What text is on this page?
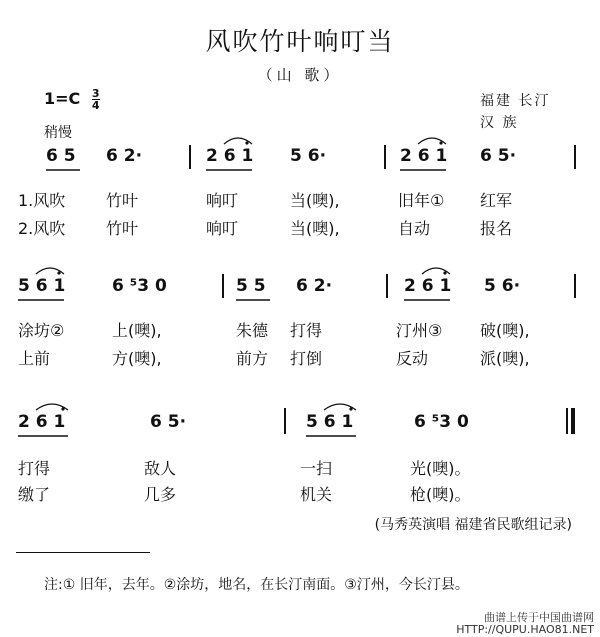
风吹竹叶响叮当
（山 歌）
$1=C \frac{3}{4}$
稍慢
福建 长汀
汉 族
6 5 6 2·	2 6 1 5 6·	2 6 1 6 5·
1.风吹	竹叶	响叮	当(噢),	旧年① 红军
2.风吹	竹叶	响叮	当(噢),	自动	报名
5 6 1	6 ⁵3 0	5 5 6 2·	2 6 1 5 6·
涂坊②	上(噢),	朱德 打得	汀州③ 破(噢),
上前	方(噢),	前方 打倒	反动	派(噢),
2 6 1	6 5·	5 6 1	6 ⁵3 0
打得	敌人	一扫	光(噢)。
缴了	几多	机关	枪(噢)。
(马秀英演唱 福建省民歌组记录)
注:① 旧年，去年。②涂坊，地名，在长汀南面。③汀州，今长汀县。
曲谱上传于中国曲谱网
HTTP://QUPU.HAO81.NET
